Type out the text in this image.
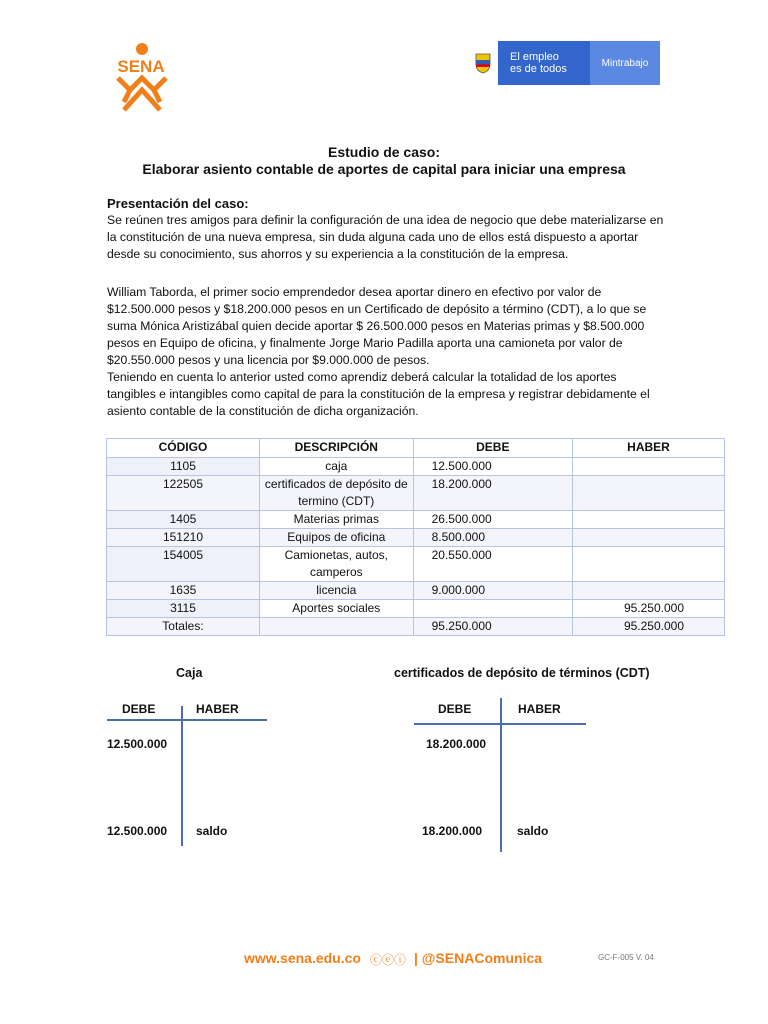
SENA	El empleo
es de todos	Mintrabajo
Estudio de caso:
Elaborar asiento contable de aportes de capital para iniciar una empresa
Presentación del caso:
Se reúnen tres amigos para definir la configuración de una idea de negocio que debe materializarse en la constitución de una nueva empresa, sin duda alguna cada uno de ellos está dispuesto a aportar desde su conocimiento, sus ahorros y su experiencia a la constitución de la empresa.
William Taborda, el primer socio emprendedor desea aportar dinero en efectivo por valor de $12.500.000 pesos y $18.200.000 pesos en un Certificado de depósito a término (CDT), a lo que se suma Mónica Aristizábal quien decide aportar $ 26.500.000 pesos en Materias primas y $8.500.000 pesos en Equipo de oficina, y finalmente Jorge Mario Padilla aporta una camioneta por valor de $20.550.000 pesos y una licencia por $9.000.000 de pesos.
Teniendo en cuenta lo anterior usted como aprendiz deberá calcular la totalidad de los aportes tangibles e intangibles como capital de para la constitución de la empresa y registrar debidamente el asiento contable de la constitución de dicha organización.
CÓDIGO	DESCRIPCIÓN	DEBE	HABER
1105	caja	12.500.000	
122505	certificados de depósito de termino (CDT)	18.200.000	
1405	Materias primas	26.500.000	
151210	Equipos de oficina	8.500.000	
154005	Camionetas, autos, camperos	20.550.000	
1635	licencia	9.000.000	
3115	Aportes sociales		95.250.000
Totales:		95.250.000	95.250.000
Caja
DEBE	HABER
12.500.000
12.500.000 saldo
certificados de depósito de términos (CDT)
DEBE	HABER
18.200.000
18.200.000	saldo
www.sena.edu.co ⓒⓔⓘ | @SENAComunica	GC-F-005 V. 04
